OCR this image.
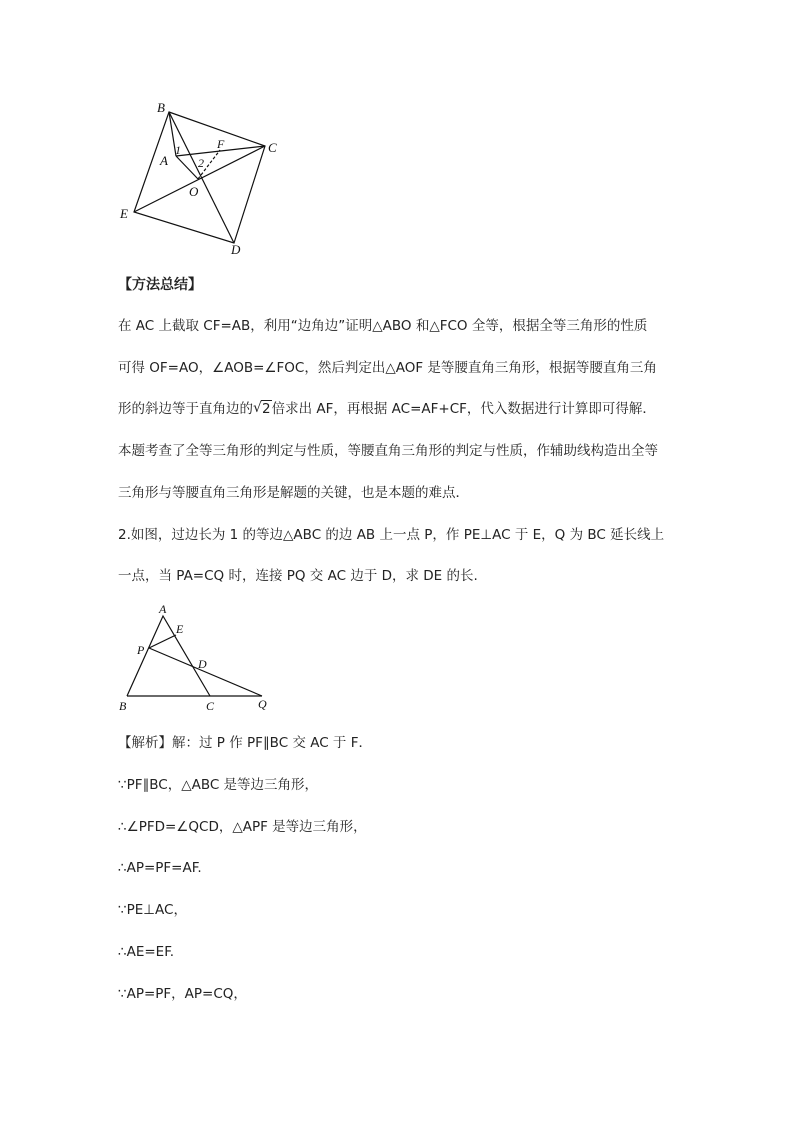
B
C
A
F
1
2
O
E
D
【方法总结】
在 AC 上截取 CF=AB，利用“边角边”证明△ABO 和△FCO 全等，根据全等三角形的性质
可得 OF=AO，∠AOB=∠FOC，然后判定出△AOF 是等腰直角三角形，根据等腰直角三角
形的斜边等于直角边的 √ 2倍求出 AF，再根据 AC=AF+CF，代入数据进行计算即可得解．
本题考查了全等三角形的判定与性质，等腰直角三角形的判定与性质，作辅助线构造出全等
三角形与等腰直角三角形是解题的关键，也是本题的难点．
2.如图，过边长为 1 的等边△ABC 的边 AB 上一点 P，作 PE⊥AC 于 E，Q 为 BC 延长线上
一点，当 PA=CQ 时，连接 PQ 交 AC 边于 D，求 DE 的长.
A
E
P
D
B	C	Q
【解析】解：过 P 作 PF∥BC 交 AC 于 F．
∵PF∥BC，△ABC 是等边三角形，
∴∠PFD=∠QCD，△APF 是等边三角形，
∴AP=PF=AF.
∵PE⊥AC，
∴AE=EF.
∵AP=PF，AP=CQ，
